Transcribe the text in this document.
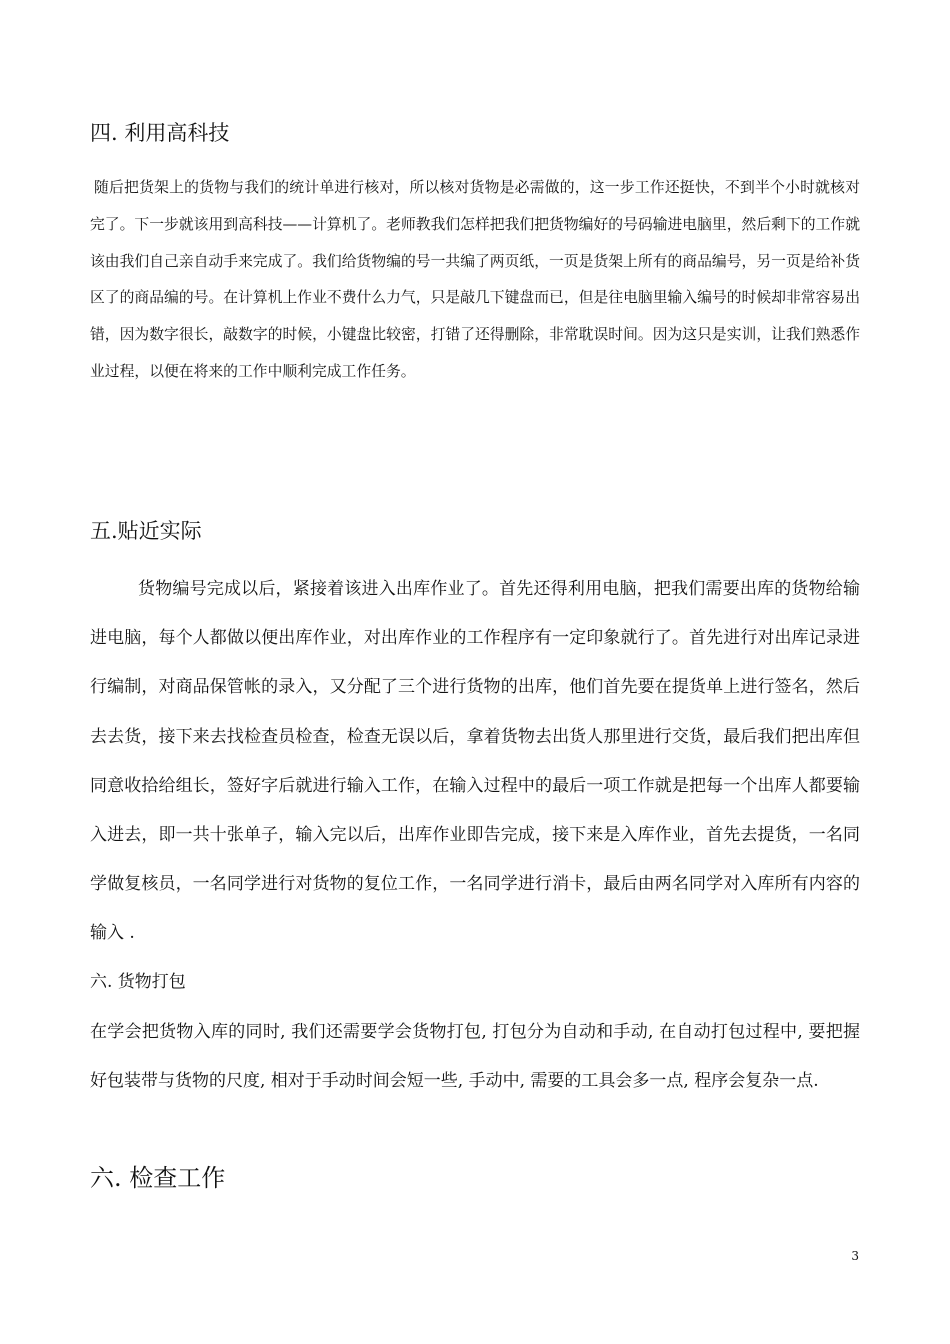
四. 利用高科技

随后把货架上的货物与我们的统计单进行核对，所以核对货物是必需做的，这一步工作还挺快，不到半个小时就核对完了。下一步就该用到高科技——计算机了。老师教我们怎样把我们把货物编好的号码输进电脑里，然后剩下的工作就该由我们自己亲自动手来完成了。我们给货物编的号一共编了两页纸，一页是货架上所有的商品编号，另一页是给补货区了的商品编的号。在计算机上作业不费什么力气，只是敲几下键盘而已，但是往电脑里输入编号的时候却非常容易出错，因为数字很长，敲数字的时候，小键盘比较密，打错了还得删除，非常耽误时间。因为这只是实训，让我们熟悉作业过程，以便在将来的工作中顺利完成工作任务。

五.贴近实际

货物编号完成以后，紧接着该进入出库作业了。首先还得利用电脑，把我们需要出库的货物给输进电脑，每个人都做以便出库作业，对出库作业的工作程序有一定印象就行了。首先进行对出库记录进行编制，对商品保管帐的录入，又分配了三个进行货物的出库，他们首先要在提货单上进行签名，然后去去货，接下来去找检查员检查，检查无误以后，拿着货物去出货人那里进行交货，最后我们把出库但同意收拾给组长，签好字后就进行输入工作，在输入过程中的最后一项工作就是把每一个出库人都要输入进去，即一共十张单子，输入完以后，出库作业即告完成，接下来是入库作业，首先去提货，一名同学做复核员，一名同学进行对货物的复位工作，一名同学进行消卡，最后由两名同学对入库所有内容的输入 .

六. 货物打包

在学会把货物入库的同时, 我们还需要学会货物打包, 打包分为自动和手动, 在自动打包过程中, 要把握好包装带与货物的尺度, 相对于手动时间会短一些, 手动中, 需要的工具会多一点, 程序会复杂一点.

六. 检查工作
3
